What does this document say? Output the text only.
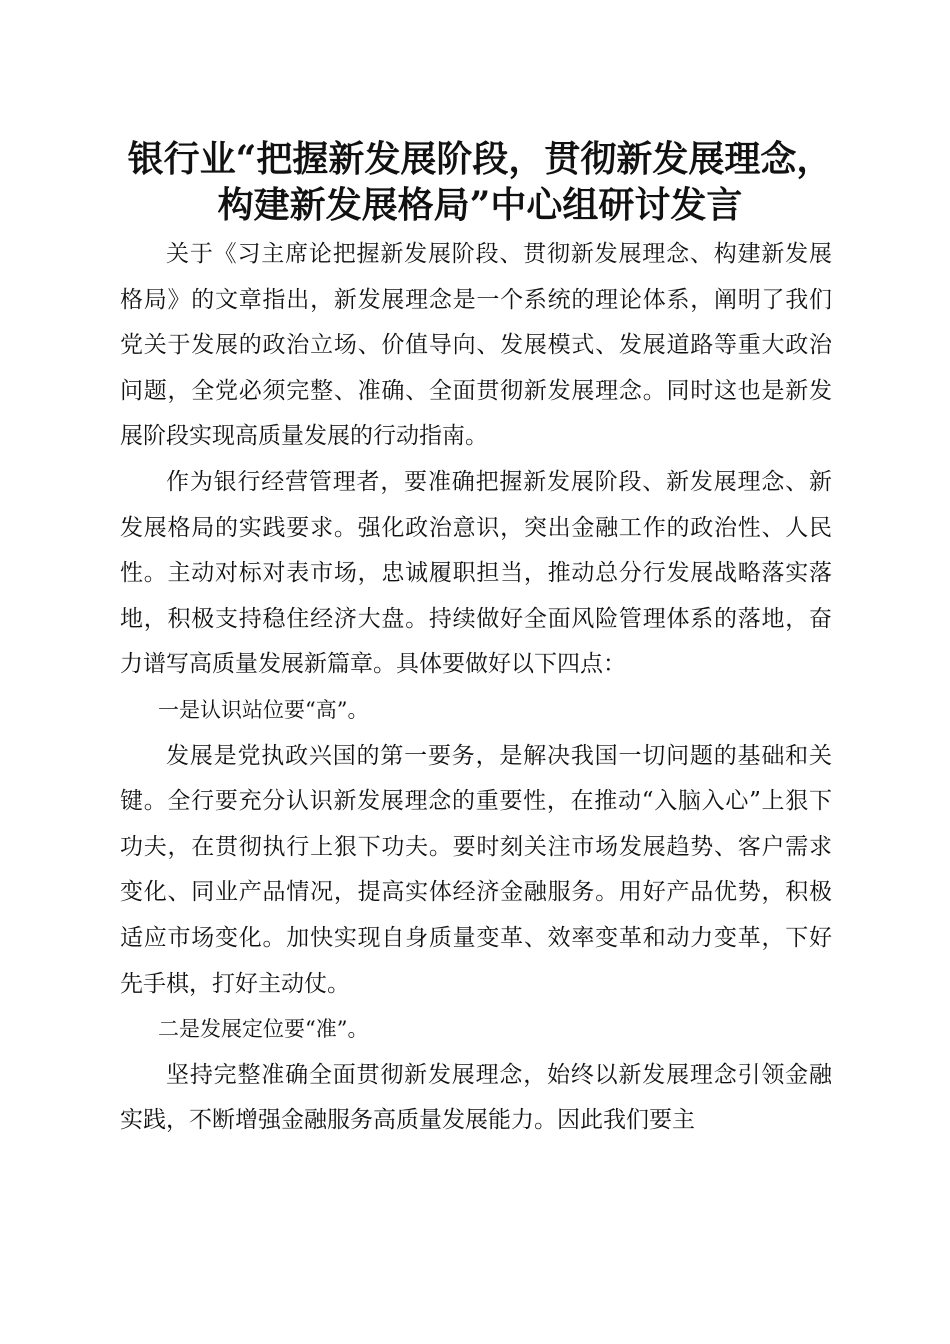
银行业“把握新发展阶段，贯彻新发展理念，
构建新发展格局”中心组研讨发言

关于《习主席论把握新发展阶段、贯彻新发展理念、构建新发展格局》的文章指出，新发展理念是一个系统的理论体系，阐明了我们党关于发展的政治立场、价值导向、发展模式、发展道路等重大政治问题，全党必须完整、准确、全面贯彻新发展理念。同时这也是新发展阶段实现高质量发展的行动指南。

作为银行经营管理者，要准确把握新发展阶段、新发展理念、新发展格局的实践要求。强化政治意识，突出金融工作的政治性、人民性。主动对标对表市场，忠诚履职担当，推动总分行发展战略落实落地，积极支持稳住经济大盘。持续做好全面风险管理体系的落地，奋力谱写高质量发展新篇章。具体要做好以下四点：

一是认识站位要“高”。

发展是党执政兴国的第一要务，是解决我国一切问题的基础和关键。全行要充分认识新发展理念的重要性，在推动“入脑入心”上狠下功夫，在贯彻执行上狠下功夫。要时刻关注市场发展趋势、客户需求变化、同业产品情况，提高实体经济金融服务。用好产品优势，积极适应市场变化。加快实现自身质量变革、效率变革和动力变革，下好先手棋，打好主动仗。

二是发展定位要“准”。

坚持完整准确全面贯彻新发展理念，始终以新发展理念引领金融实践，不断增强金融服务高质量发展能力。因此我们要主
